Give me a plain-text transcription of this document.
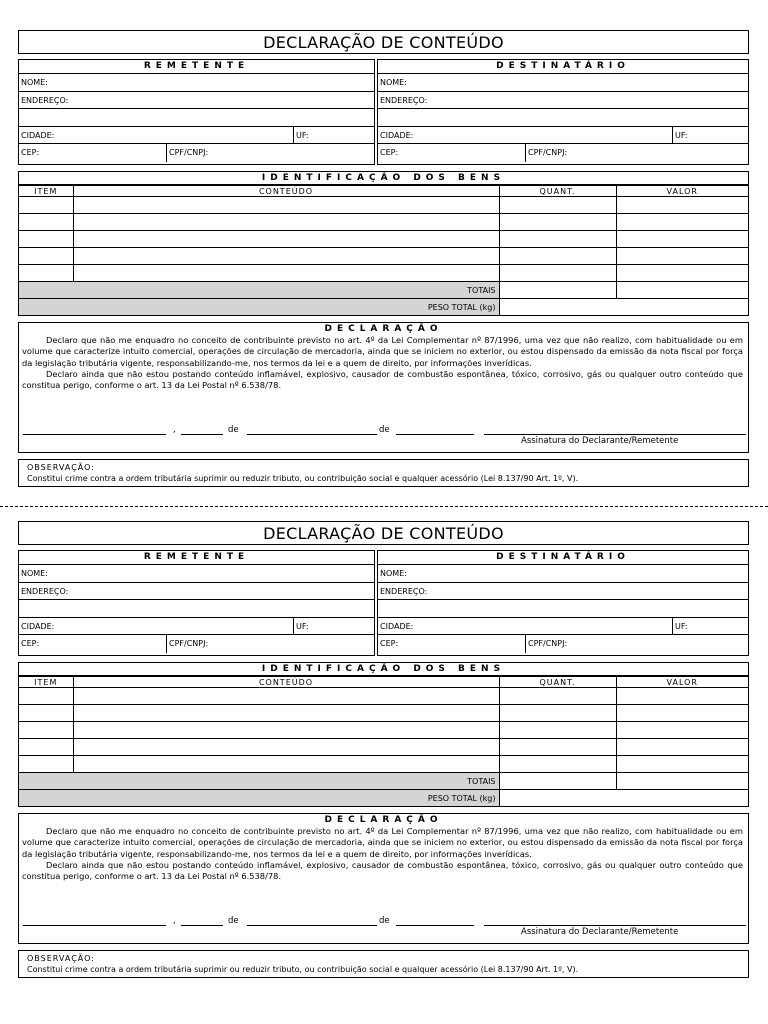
DECLARAÇÃO DE CONTEÚDO
REMETENTE
NOME:
ENDEREÇO:
CIDADE:	UF:
CEP:	CPF/CNPJ:
DESTINATÁRIO
NOME:
ENDEREÇO:
CIDADE:	UF:
CEP:	CPF/CNPJ:
IDENTIFICAÇÃO DOS BENS
ITEM	CONTEÚDO	QUANT.	VALOR

TOTAIS			
PESO TOTAL (kg)			
DECLARAÇÃO

Declaro que não me enquadro no conceito de contribuinte previsto no art. 4º da Lei Complementar nº 87/1996, uma vez que não realizo, com habitualidade ou em volume que caracterize intuito comercial, operações de circulação de mercadoria, ainda que se iniciem no exterior, ou estou dispensado da emissão da nota fiscal por força da legislação tributária vigente, responsabilizando-me, nos termos da lei e a quem de direito, por informações inverídicas.

Declaro ainda que não estou postando conteúdo inflamável, explosivo, causador de combustão espontânea, tóxico, corrosivo, gás ou qualquer outro conteúdo que constitua perigo, conforme o art. 13 da Lei Postal nº 6.538/78.

,	de	de
Assinatura do Declarante/Remetente
OBSERVAÇÃO:
Constitui crime contra a ordem tributária suprimir ou reduzir tributo, ou contribuição social e qualquer acessório (Lei 8.137/90 Art. 1º, V).
DECLARAÇÃO DE CONTEÚDO
REMETENTE
NOME:
ENDEREÇO:
CIDADE:	UF:
CEP:	CPF/CNPJ:
DESTINATÁRIO
NOME:
ENDEREÇO:
CIDADE:	UF:
CEP:	CPF/CNPJ:
IDENTIFICAÇÃO DOS BENS
ITEM	CONTEÚDO	QUANT.	VALOR

TOTAIS			
PESO TOTAL (kg)			
DECLARAÇÃO

Declaro que não me enquadro no conceito de contribuinte previsto no art. 4º da Lei Complementar nº 87/1996, uma vez que não realizo, com habitualidade ou em volume que caracterize intuito comercial, operações de circulação de mercadoria, ainda que se iniciem no exterior, ou estou dispensado da emissão da nota fiscal por força da legislação tributária vigente, responsabilizando-me, nos termos da lei e a quem de direito, por informações inverídicas.

Declaro ainda que não estou postando conteúdo inflamável, explosivo, causador de combustão espontânea, tóxico, corrosivo, gás ou qualquer outro conteúdo que constitua perigo, conforme o art. 13 da Lei Postal nº 6.538/78.

,	de	de
Assinatura do Declarante/Remetente
OBSERVAÇÃO:
Constitui crime contra a ordem tributária suprimir ou reduzir tributo, ou contribuição social e qualquer acessório (Lei 8.137/90 Art. 1º, V).
